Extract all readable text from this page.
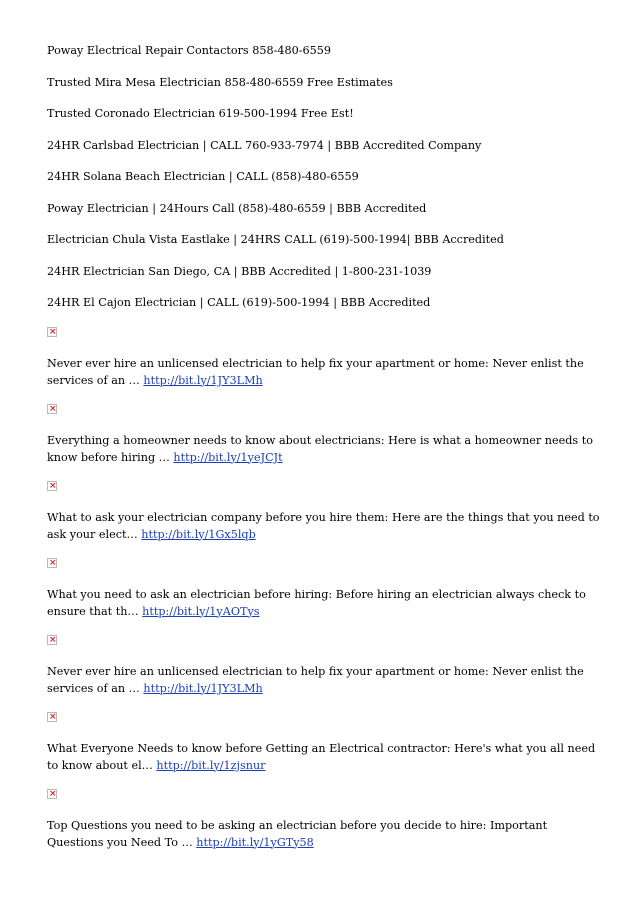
Poway Electrical Repair Contactors 858-480-6559
Trusted Mira Mesa Electrician 858-480-6559 Free Estimates
Trusted Coronado Electrician 619-500-1994 Free Est!
24HR Carlsbad Electrician | CALL 760-933-7974 | BBB Accredited Company
24HR Solana Beach Electrician | CALL (858)-480-6559
Poway Electrician | 24Hours Call (858)-480-6559 | BBB Accredited
Electrician Chula Vista Eastlake | 24HRS CALL (619)-500-1994| BBB Accredited
24HR Electrician San Diego, CA | BBB Accredited | 1-800-231-1039
24HR El Cajon Electrician | CALL (619)-500-1994 | BBB Accredited
×
Never ever hire an unlicensed electrician to help fix your apartment or home: Never enlist the services of an … http://bit.ly/1JY3LMh
×
Everything a homeowner needs to know about electricians: Here is what a homeowner needs to know before hiring … http://bit.ly/1yeJCJt
×
What to ask your electrician company before you hire them: Here are the things that you need to ask your elect… http://bit.ly/1Gx5lqb
×
What you need to ask an electrician before hiring: Before hiring an electrician always check to ensure that th… http://bit.ly/1yAOTys
×
Never ever hire an unlicensed electrician to help fix your apartment or home: Never enlist the services of an … http://bit.ly/1JY3LMh
×
What Everyone Needs to know before Getting an Electrical contractor: Here's what you all need to know about el… http://bit.ly/1zjsnur
×
Top Questions you need to be asking an electrician before you decide to hire: Important Questions you Need To … http://bit.ly/1yGTy58
